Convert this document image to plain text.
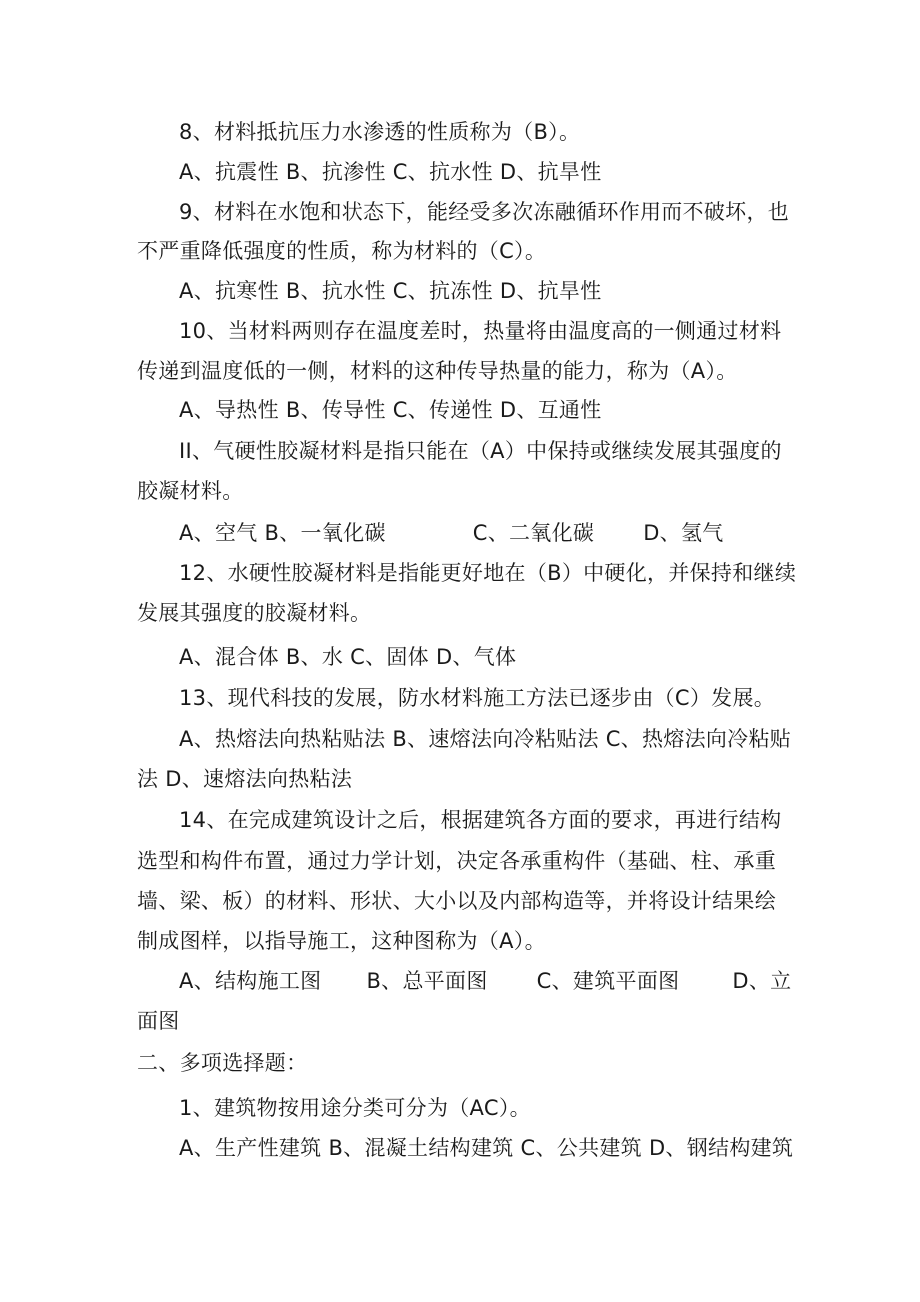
8、材料抵抗压力水渗透的性质称为（B）。
A、抗震性 B、抗渗性 C、抗水性 D、抗旱性
9、材料在水饱和状态下，能经受多次冻融循环作用而不破坏，也
不严重降低强度的性质，称为材料的（C）。
A、抗寒性 B、抗水性 C、抗冻性 D、抗旱性
10、当材料两则存在温度差时，热量将由温度高的一侧通过材料
传递到温度低的一侧，材料的这种传导热量的能力，称为（A）。
A、导热性 B、传导性 C、传递性 D、互通性
II、气硬性胶凝材料是指只能在（A）中保持或继续发展其强度的
胶凝材料。
A、空气 B、一氧化碳	C、二氧化碳 D、氢气
12、水硬性胶凝材料是指能更好地在（B）中硬化，并保持和继续
发展其强度的胶凝材料。
A、混合体 B、水 C、固体 D、气体
13、现代科技的发展，防水材料施工方法已逐步由（C）发展。
A、热熔法向热粘贴法 B、速熔法向冷粘贴法 C、热熔法向冷粘贴
法 D、速熔法向热粘法
14、在完成建筑设计之后，根据建筑各方面的要求，再进行结构
选型和构件布置，通过力学计划，决定各承重构件（基础、柱、承重
墙、梁、板）的材料、形状、大小以及内部构造等，并将设计结果绘
制成图样，以指导施工，这种图称为（A）。
A、结构施工图 B、总平面图 C、建筑平面图	D、立
面图
二、多项选择题：
1、建筑物按用途分类可分为（AC）。
A、生产性建筑 B、混凝土结构建筑 C、公共建筑 D、钢结构建筑
